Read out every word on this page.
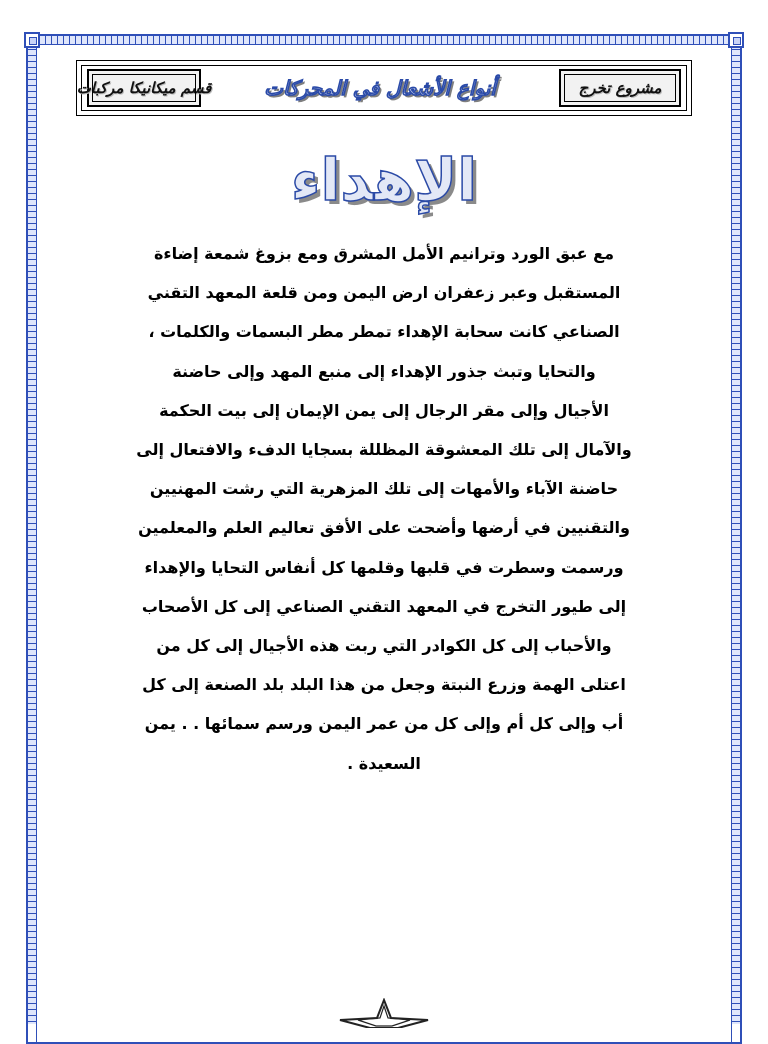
قسم ميكانيكا مركبات	أنواع الأشعال في المحركات	مشروع تخرج
الإهداء
مع عبق الورد وترانيم الأمل المشرق ومع بزوغ شمعة إضاءة
المستقبل وعبر زعفران ارض اليمن ومن قلعة المعهد التقني
الصناعي كانت سحابة الإهداء تمطر مطر البسمات والكلمات ،
والتحايا وتبث جذور الإهداء إلى منبع المهد وإلى حاضنة
الأجيال وإلى مقر الرجال إلى يمن الإيمان إلى بيت الحكمة
والآمال إلى تلك المعشوقة المظللة بسجايا الدفء والافتعال إلى
حاضنة الآباء والأمهات إلى تلك المزهرية التي رشت المهنيين
والتقنيين في أرضها وأضحت على الأفق تعاليم العلم والمعلمين
ورسمت وسطرت في قلبها وقلمها كل أنفاس التحايا والإهداء
إلى طيور التخرج في المعهد التقني الصناعي إلى كل الأصحاب
والأحباب إلى كل الكوادر التي ربت هذه الأجيال إلى كل من
اعتلى الهمة وزرع النبتة وجعل من هذا البلد بلد الصنعة إلى كل
أب وإلى كل أم وإلى كل من عمر اليمن ورسم سمائها . . يمن
السعيدة .
